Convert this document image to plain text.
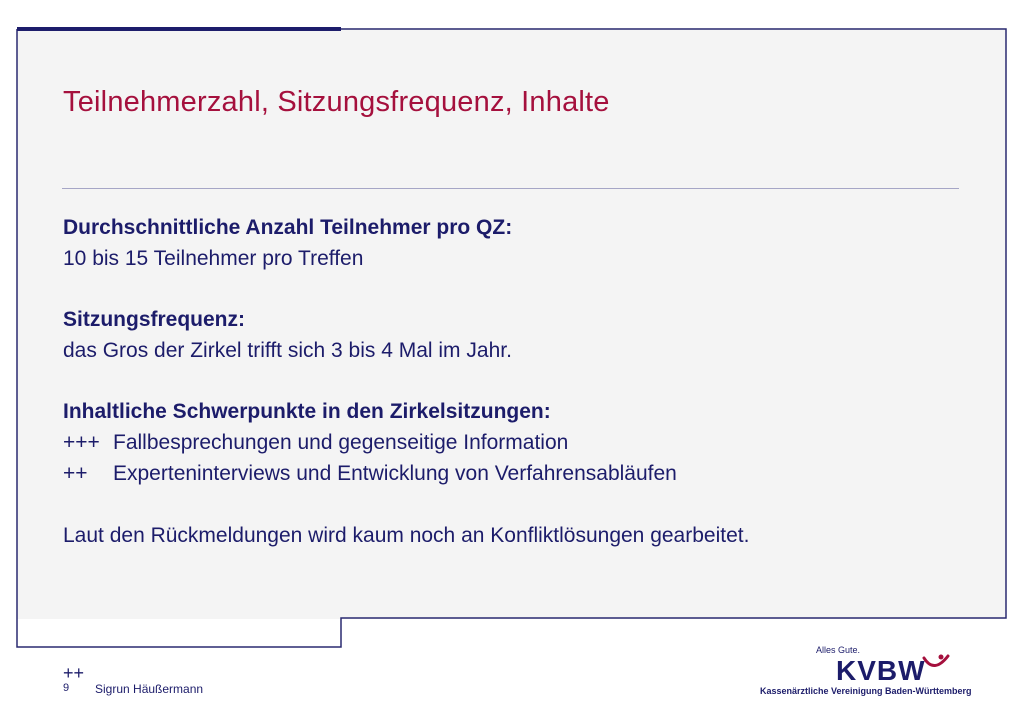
Teilnehmerzahl, Sitzungsfrequenz, Inhalte

Durchschnittliche Anzahl Teilnehmer pro QZ:

10 bis 15 Teilnehmer pro Treffen

Sitzungsfrequenz:

das Gros der Zirkel trifft sich 3 bis 4 Mal im Jahr.

Inhaltliche Schwerpunkte in den Zirkelsitzungen:

+++ Fallbesprechungen und gegenseitige Information

++ Experteninterviews und Entwicklung von Verfahrensabläufen

Laut den Rückmeldungen wird kaum noch an Konfliktlösungen gearbeitet.

++
9 Sigrun Häußermann
Alles Gute.
KVBW
Kassenärztliche Vereinigung Baden-Württemberg
